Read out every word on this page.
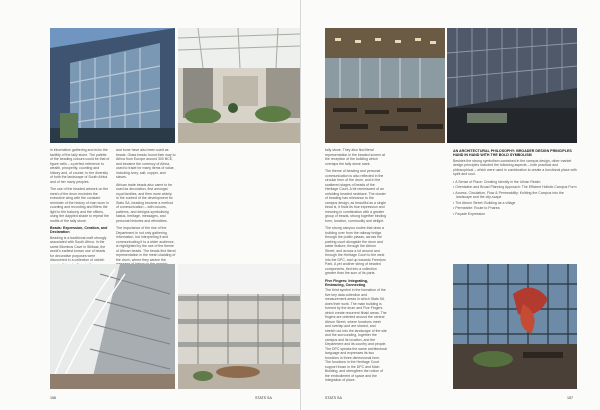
in information gathering and echo the tactility of the tally stone. The palette of the beading colours could be that of figure cells – a perfect reference to wealth, prosperity, counting and history and, of course, to the diversity of both the landscape of South Africa and of her many peoples.

The use of the beaded artwork on the mesh of the drum encircles the executive wing with the constant reminder of the history of man worn in counting and recording and filters the light to the balcony and the offices, using the dappled shade to repeat the motifs of the tally stone.

Beads: Expression, Creation, and Declaration

Beading is a traditional craft strongly associated with South Africa. In the same Blombos Cave in Stilbaai, the world's earliest known use of beads for decorative purposes were discovered in a collection of ostrich

and bone have also been used as beads. Glass beads found their way to Africa from Europe around 300 BCE, and became the currency of Africa, used to trade for many items of value, including ivory, salt, copper, and slaves.

African trade beads also came to be used as decoration, first amongst royal families, and then more widely. In the context of the development for Stats SA, beading became a method of communication – with colours, patterns, and designs symbolising status, heritage, messages, and personal histories and ethnicities.

The importance of the rise of the Department in not only gathering information, but interpreting it and communicating it to a wider audience, is highlighted by the use of the theme of African beads. The beads find literal representation in the mesh cladding of the drum, where they weave the

156	STATS SA

tally stone. They also find literal representation in the beaded screen at the reception of the building which overlaps the tally stone mark.

The theme of beading and personal communication is also reflected in the circular form of the drum, and in the scattered stages of beads of the Heritage Court. A bit reminiscent of an unfolding beaded necklace. The cluster of beading has relevance to the campus design, as beautiful as a single bead is, it finds its true expression and meaning in combination with a greater group of beads, strung together binding form, function, commodity and delight.

The strong campus routes that draw a building over from the railway bridge, through the public plazas, across the parking court alongside the drum and water feature, through the Atrium Street, and across a lot around and through the Heritage Court to the west into the DPC, and up towards Freedom Park. A yet another string of beaded components, tied into a collection greater than the sum of its parts.

Five Fingers: Integrating, Embracing, Connecting

The third symbol in the formation of the five key data collection and measurement areas in which Stats SA does their work. The main building is formed by the drum and Five Fingers which create recurrent Ithaki areas. The fingers are oriented around the central Atrium Street, where functions meet and overlap and are shared, and stretch out into the landscape of the site and the surrounding, together the campus and its location, and the Department and its country and people. The DPC speaks the same architectural language and expresses its two functions in three dimensional form. The functions in the Heritage Court support those in the DPC and Main Building, and strengthen the notion of the embodiment of space and the integration of place.

AN ARCHITECTURAL PHILOSOPHY: BROADER DESIGN PRINCIPLES HAND IN HAND WITH THE BOLD SYMBOLISM

Besides the strong symbolism contained in the campus design, other market design principles included the following aspects – both practical and philosophical – which were used in combination to create a functional place with spirit and soul.

• A Sense of Place: Creating Identity in the Urban Realm
• Orientation and Broad Planning Approach: The Efficient Holistic Campus Form
• Access, Circulation, Flow & Permeability: Knitting the Campus into the landscape and the city-scape
• The Atrium Street: Building as a village
• Permeable: Route to Pnarea
• Façade Expression
STATS SA	157
